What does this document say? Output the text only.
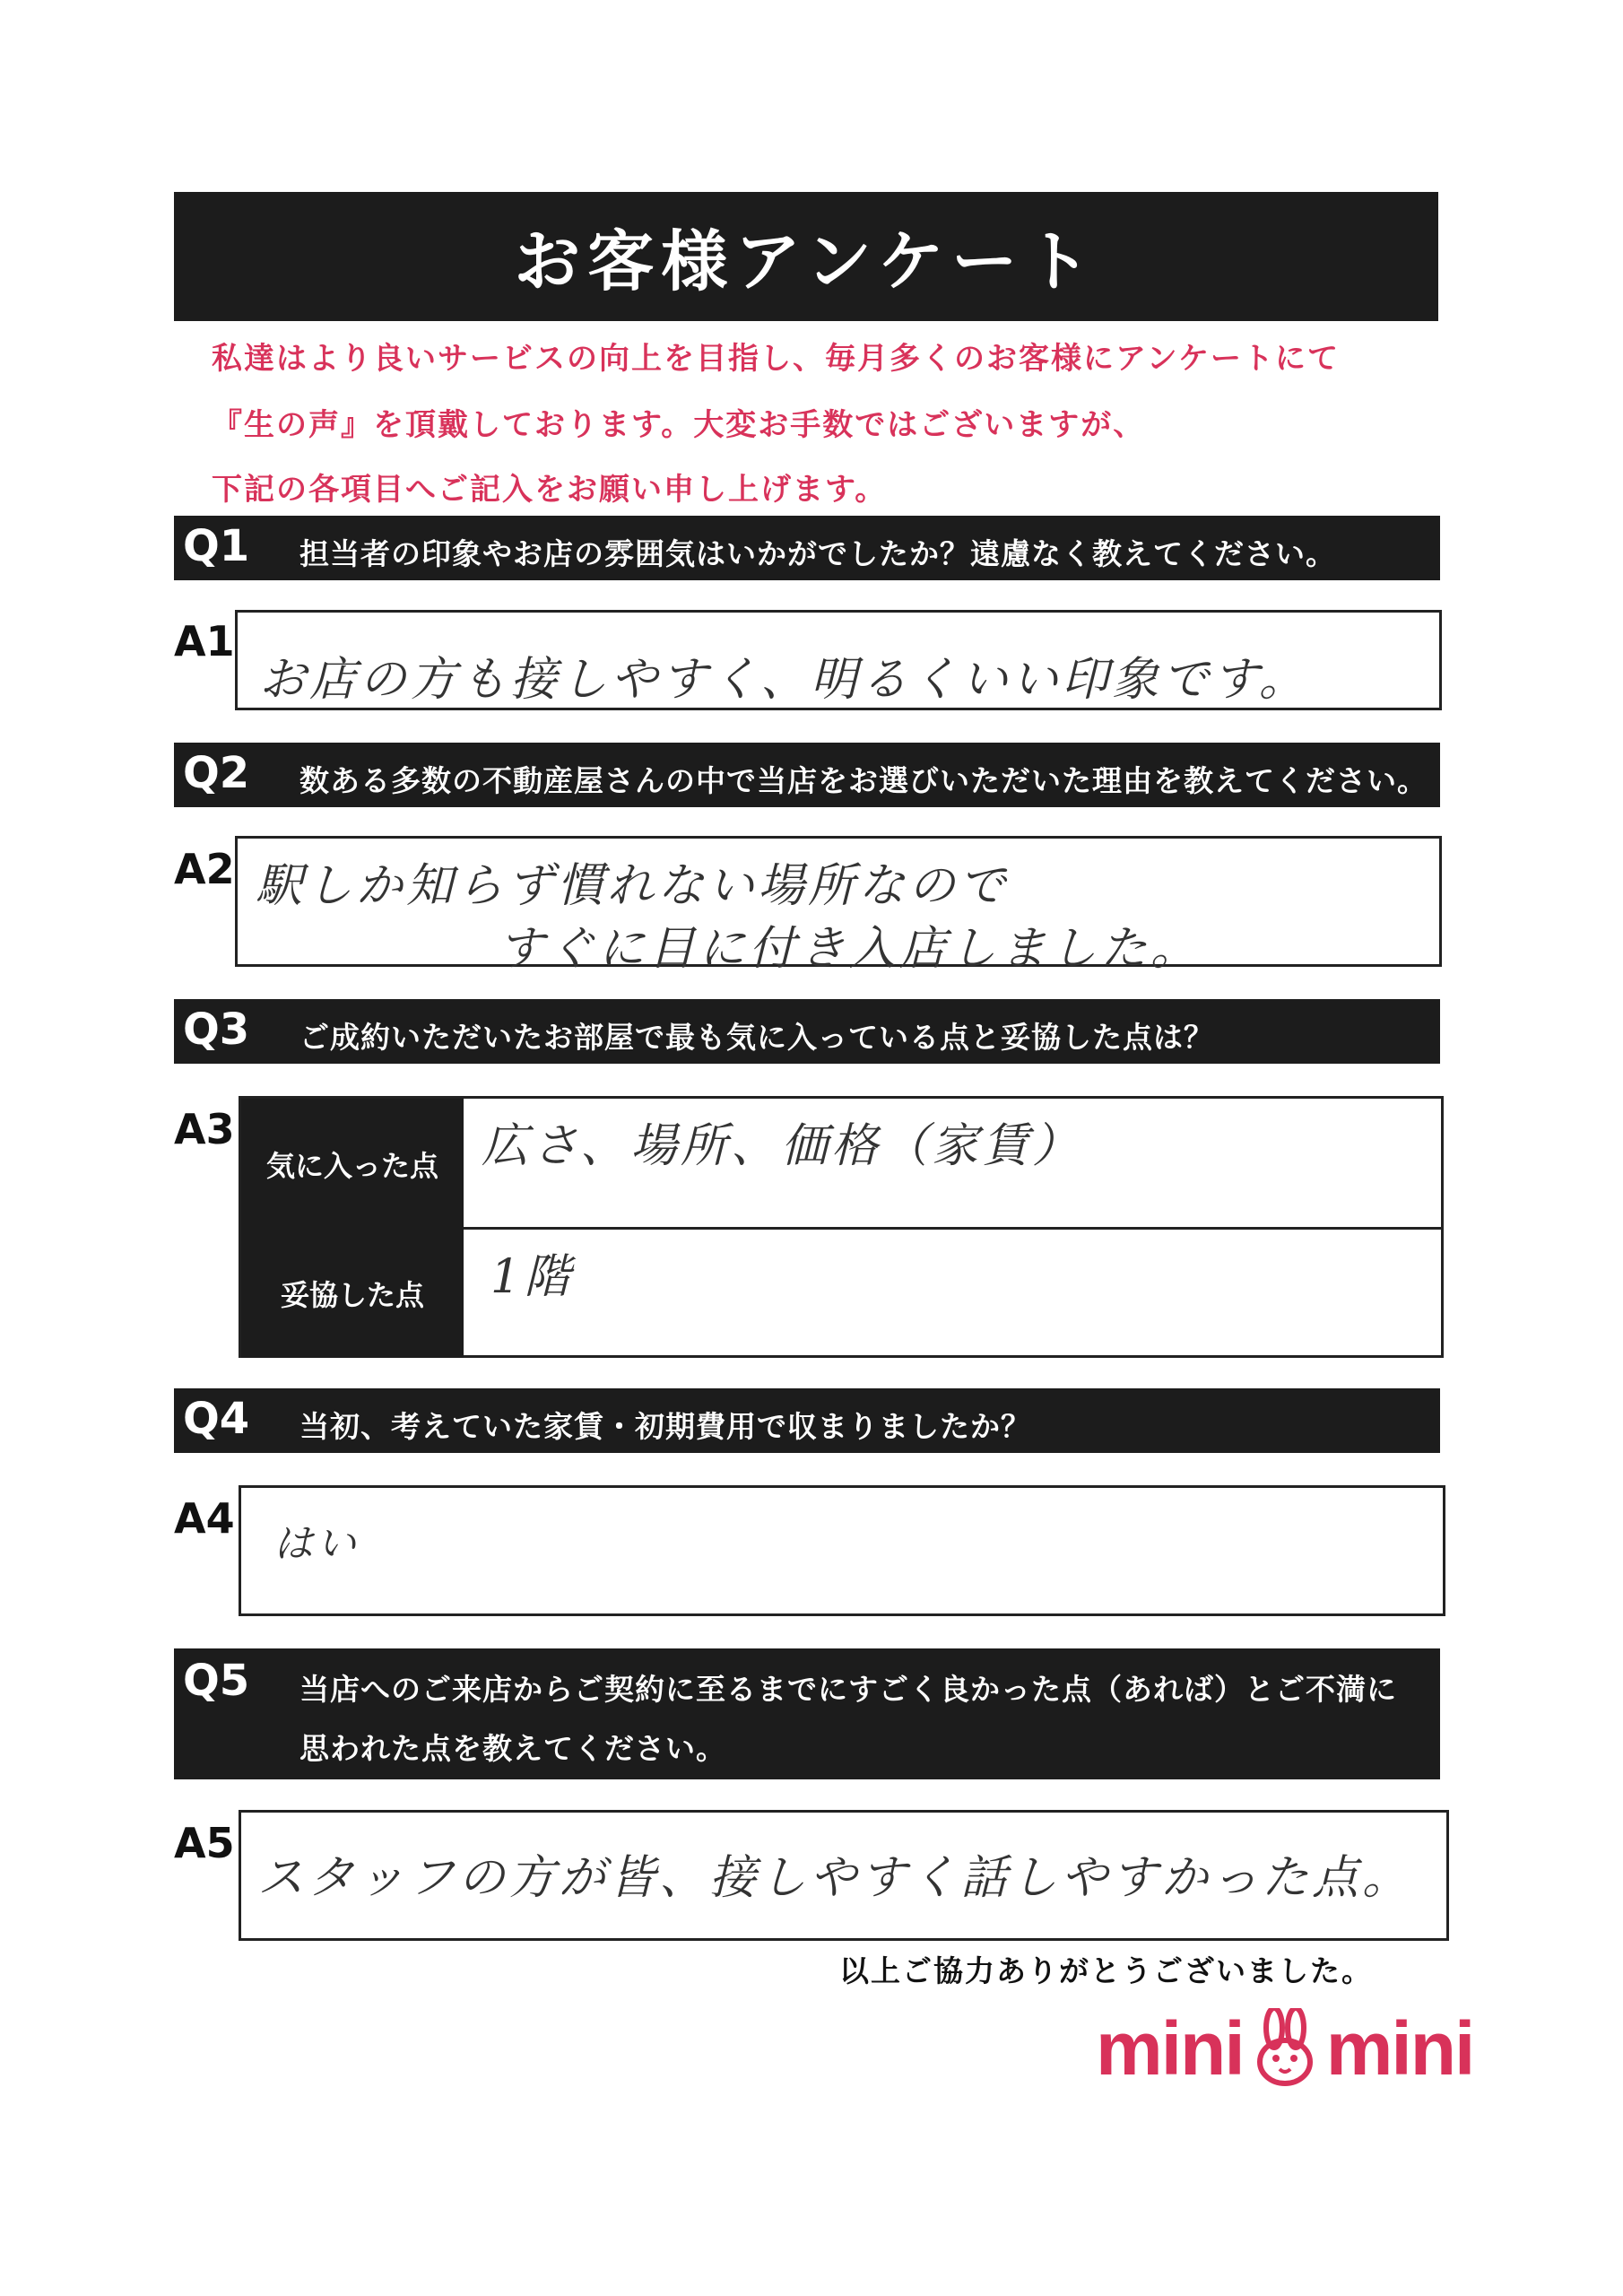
お客様アンケート
私達はより良いサービスの向上を目指し、毎月多くのお客様にアンケートにて
『生の声』を頂戴しております。大変お手数ではございますが、
下記の各項目へご記入をお願い申し上げます。
Q1 担当者の印象やお店の雰囲気はいかがでしたか？遠慮なく教えてください。
A1
お店の方も接しやすく、明るくいい印象です。
Q2 数ある多数の不動産屋さんの中で当店をお選びいただいた理由を教えてください。
A2 駅しか知らず慣れない場所なので
すぐに目に付き入店しました。
Q3 ご成約いただいたお部屋で最も気に入っている点と妥協した点は？
A3
気に入った点
妥協した点
広さ、場所、価格（家賃）
1階
Q4 当初、考えていた家賃・初期費用で収まりましたか？
A4
はい
Q5 当店へのご来店からご契約に至るまでにすごく良かった点（あれば）とご不満に
思われた点を教えてください。
A5
スタッフの方が皆、接しやすく話しやすかった点。
以上ご協力ありがとうございました。
mini mini
